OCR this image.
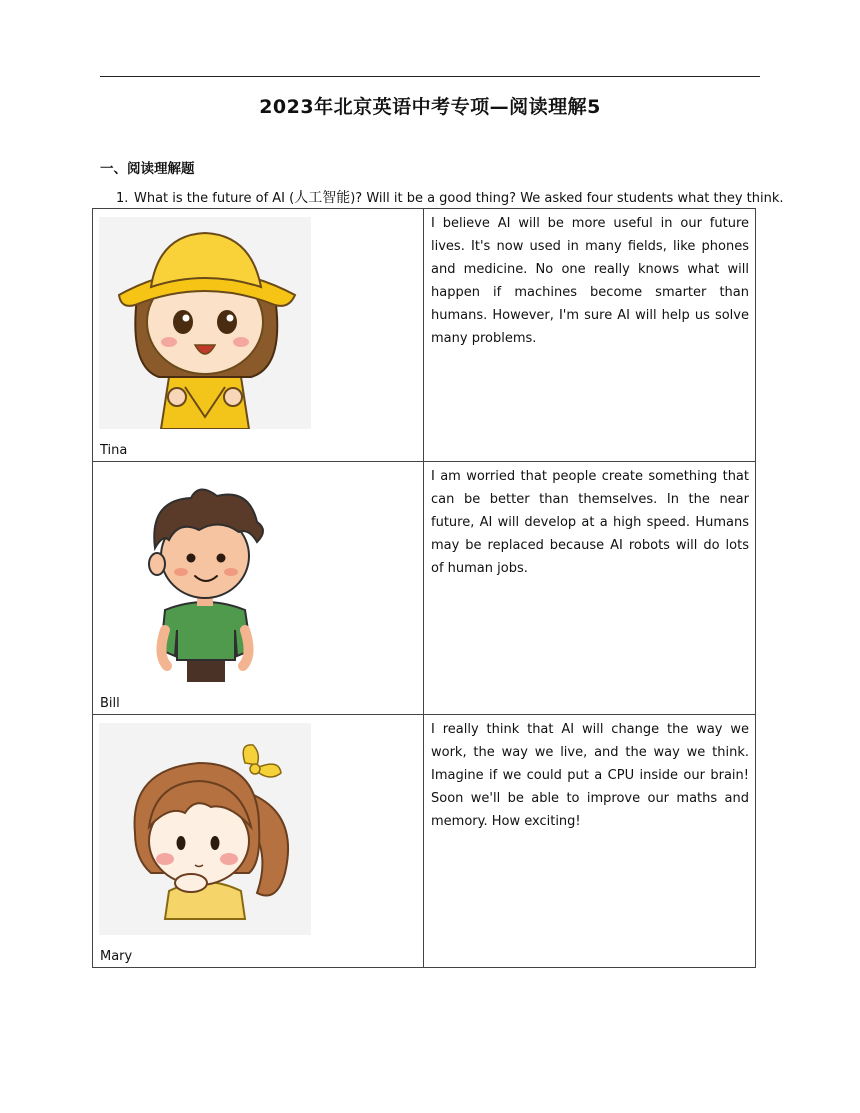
2023年北京英语中考专项—阅读理解5
一、阅读理解题
1. What is the future of AI (人工智能)? Will it be a good thing? We asked four students what they think.
Tina	I believe AI will be more useful in our future lives. It's now used in many fields, like phones and medicine. No one really knows what will happen if machines become smarter than humans. However, I'm sure AI will help us solve many problems.

Bill	I am worried that people create something that can be better than themselves. In the near future, AI will develop at a high speed. Humans may be replaced because AI robots will do lots of human jobs.

Mary	I really think that AI will change the way we work, the way we live, and the way we think. Imagine if we could put a CPU inside our brain! Soon we'll be able to improve our maths and memory. How exciting!
